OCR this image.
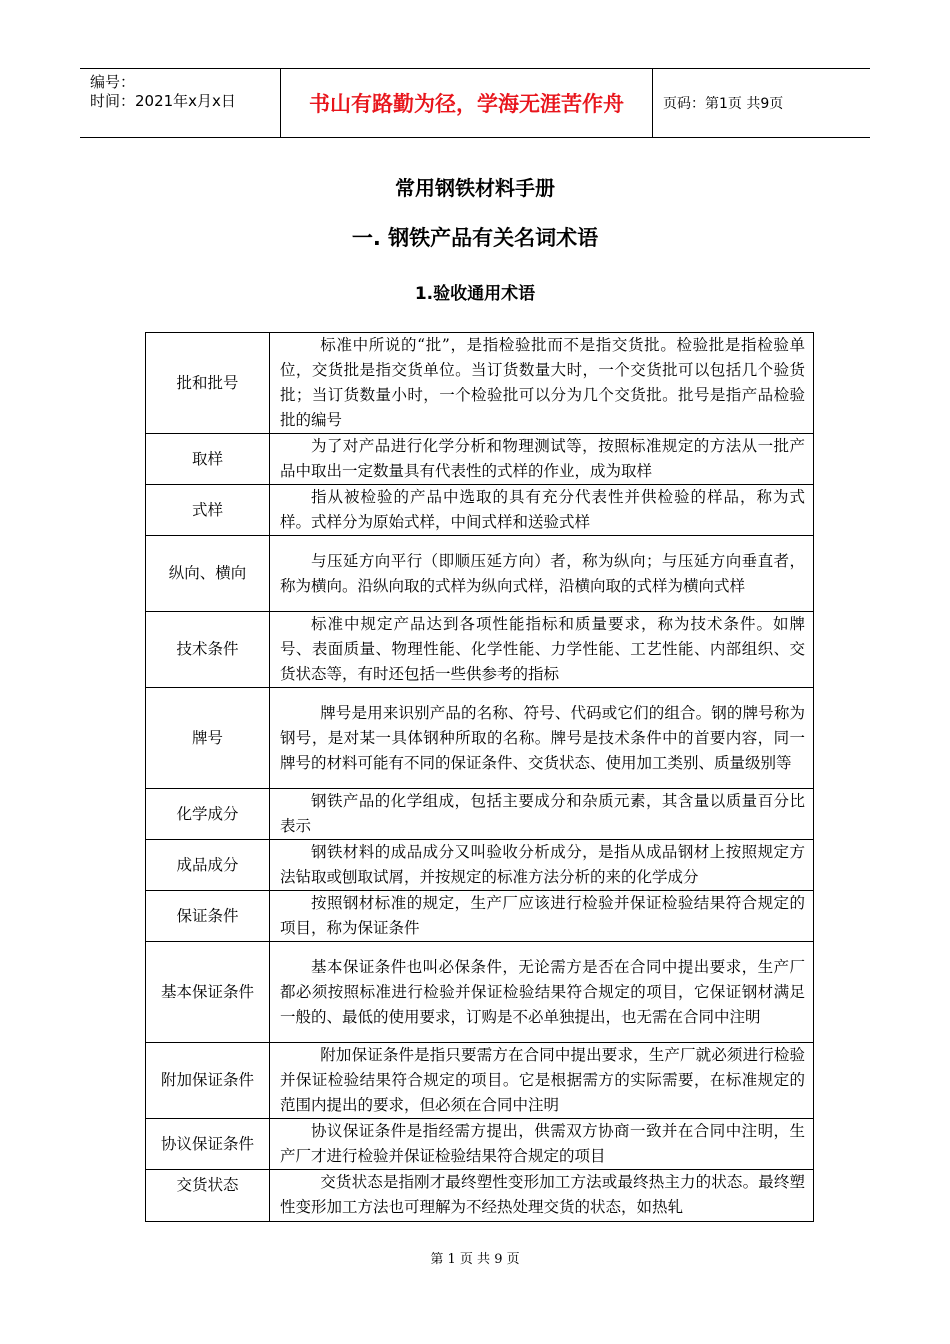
编号：
时间：2021年x月x日	书山有路勤为径，学海无涯苦作舟	页码：第1页 共9页
常用钢铁材料手册
一. 钢铁产品有关名词术语
1.验收通用术语
批和批号	标准中所说的“批”，是指检验批而不是指交货批。检验批是指检验单位，交货批是指交货单位。当订货数量大时，一个交货批可以包括几个验货批；当订货数量小时，一个检验批可以分为几个交货批。批号是指产品检验批的编号

取样	为了对产品进行化学分析和物理测试等，按照标准规定的方法从一批产品中取出一定数量具有代表性的式样的作业，成为取样

式样	指从被检验的产品中选取的具有充分代表性并供检验的样品，称为式样。式样分为原始式样，中间式样和送验式样

纵向、横向	与压延方向平行（即顺压延方向）者，称为纵向；与压延方向垂直者，称为横向。沿纵向取的式样为纵向式样，沿横向取的式样为横向式样

技术条件	标准中规定产品达到各项性能指标和质量要求，称为技术条件。如牌号、表面质量、物理性能、化学性能、力学性能、工艺性能、内部组织、交货状态等，有时还包括一些供参考的指标

牌号	牌号是用来识别产品的名称、符号、代码或它们的组合。钢的牌号称为钢号，是对某一具体钢种所取的名称。牌号是技术条件中的首要内容，同一牌号的材料可能有不同的保证条件、交货状态、使用加工类别、质量级别等

化学成分	钢铁产品的化学组成，包括主要成分和杂质元素，其含量以质量百分比表示

成品成分	钢铁材料的成品成分又叫验收分析成分，是指从成品钢材上按照规定方法钻取或刨取试屑，并按规定的标准方法分析的来的化学成分

保证条件	按照钢材标准的规定，生产厂应该进行检验并保证检验结果符合规定的项目，称为保证条件

基本保证条件	基本保证条件也叫必保条件，无论需方是否在合同中提出要求，生产厂都必须按照标准进行检验并保证检验结果符合规定的项目，它保证钢材满足一般的、最低的使用要求，订购是不必单独提出，也无需在合同中注明

附加保证条件	附加保证条件是指只要需方在合同中提出要求，生产厂就必须进行检验并保证检验结果符合规定的项目。它是根据需方的实际需要，在标准规定的范围内提出的要求，但必须在合同中注明

协议保证条件	协议保证条件是指经需方提出，供需双方协商一致并在合同中注明，生产厂才进行检验并保证检验结果符合规定的项目

交货状态	交货状态是指刚才最终塑性变形加工方法或最终热主力的状态。最终塑性变形加工方法也可理解为不经热处理交货的状态，如热轧
第 1 页 共 9 页
